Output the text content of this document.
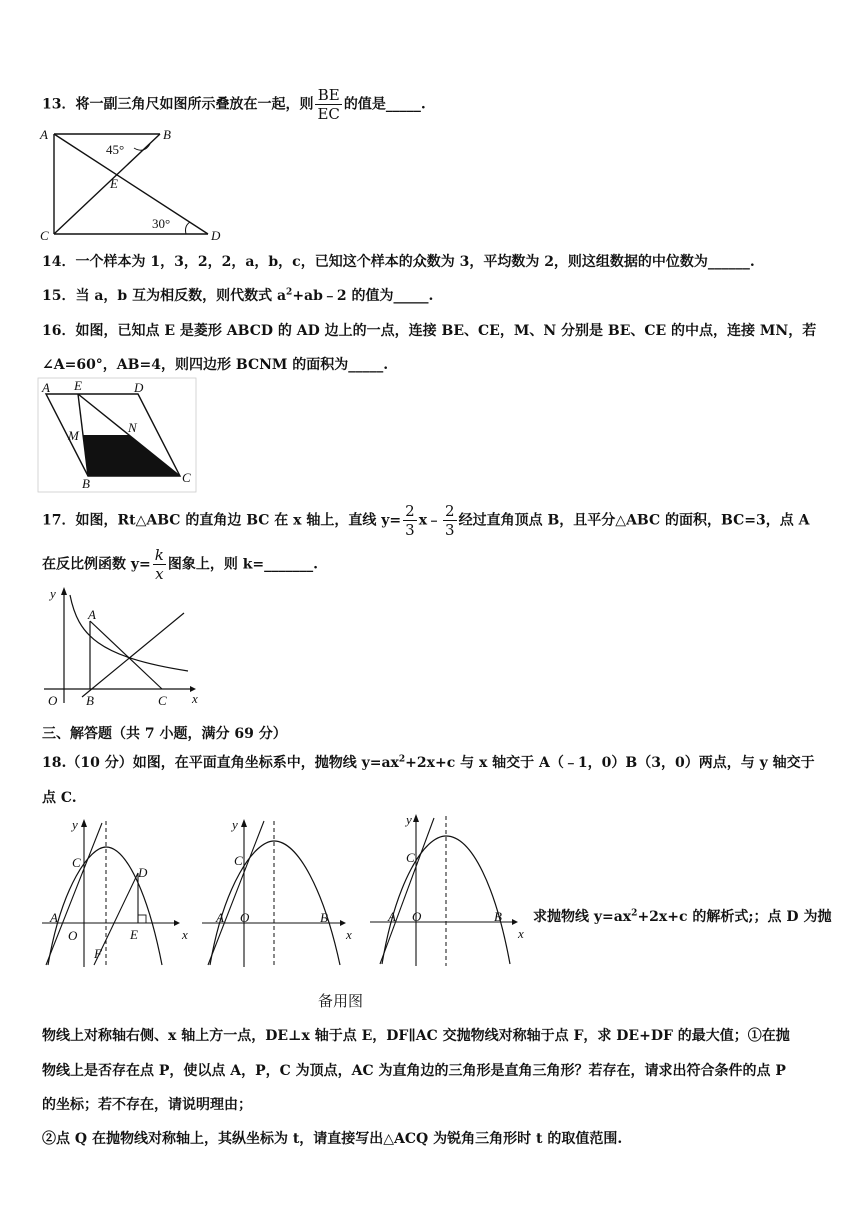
13．将一副三角尺如图所示叠放在一起，则 $\frac{BE}{EC}$ 的值是_____.
A	B
C	D
E
45°
30°
14．一个样本为 1，3，2，2，a，b，c，已知这个样本的众数为 3，平均数为 2，则这组数据的中位数为______.
15．当 a，b 互为相反数，则代数式 $a^2+ab﹣2$ 的值为_____.
16．如图，已知点 E 是菱形 ABCD 的 AD 边上的一点，连接 BE、CE，M、N 分别是 BE、CE 的中点，连接 MN，若
∠A=60°，AB=4，则四边形 BCNM 的面积为_____.
A E	D
M
N
B	C
17．如图，Rt△ABC 的直角边 BC 在 x 轴上，直线 $y= \frac{2}{3}$ x﹣ $\frac{2}{3}$ 经过直角顶点 B，且平分△ABC 的面积，BC=3，点 A
在反比例函数 $y= \frac{k}{x}$ 图象上，则 k=_______.
y
x
O
A
B	C
三、解答题（共 7 小题，满分 69 分）
18.（10 分）如图，在平面直角坐标系中，抛物线 $y=ax^2+2x+c$ 与 x 轴交于 A（﹣1，0）B（3，0）两点，与 y 轴交于
点 C.
x
y
A
O
C
D
E
F
x
y
A O
C
B
x
y
A O
C
B 求抛物线 $y=ax^2+2x+c$ 的解析式;；点 D 为抛
备用图
物线上对称轴右侧、x 轴上方一点，DE⊥x 轴于点 E，DF∥AC 交抛物线对称轴于点 F，求 DE+DF 的最大值；①在抛
物线上是否存在点 P，使以点 A，P，C 为顶点，AC 为直角边的三角形是直角三角形？若存在，请求出符合条件的点 P
的坐标；若不存在，请说明理由；
②点 Q 在抛物线对称轴上，其纵坐标为 t，请直接写出△ACQ 为锐角三角形时 t 的取值范围.
